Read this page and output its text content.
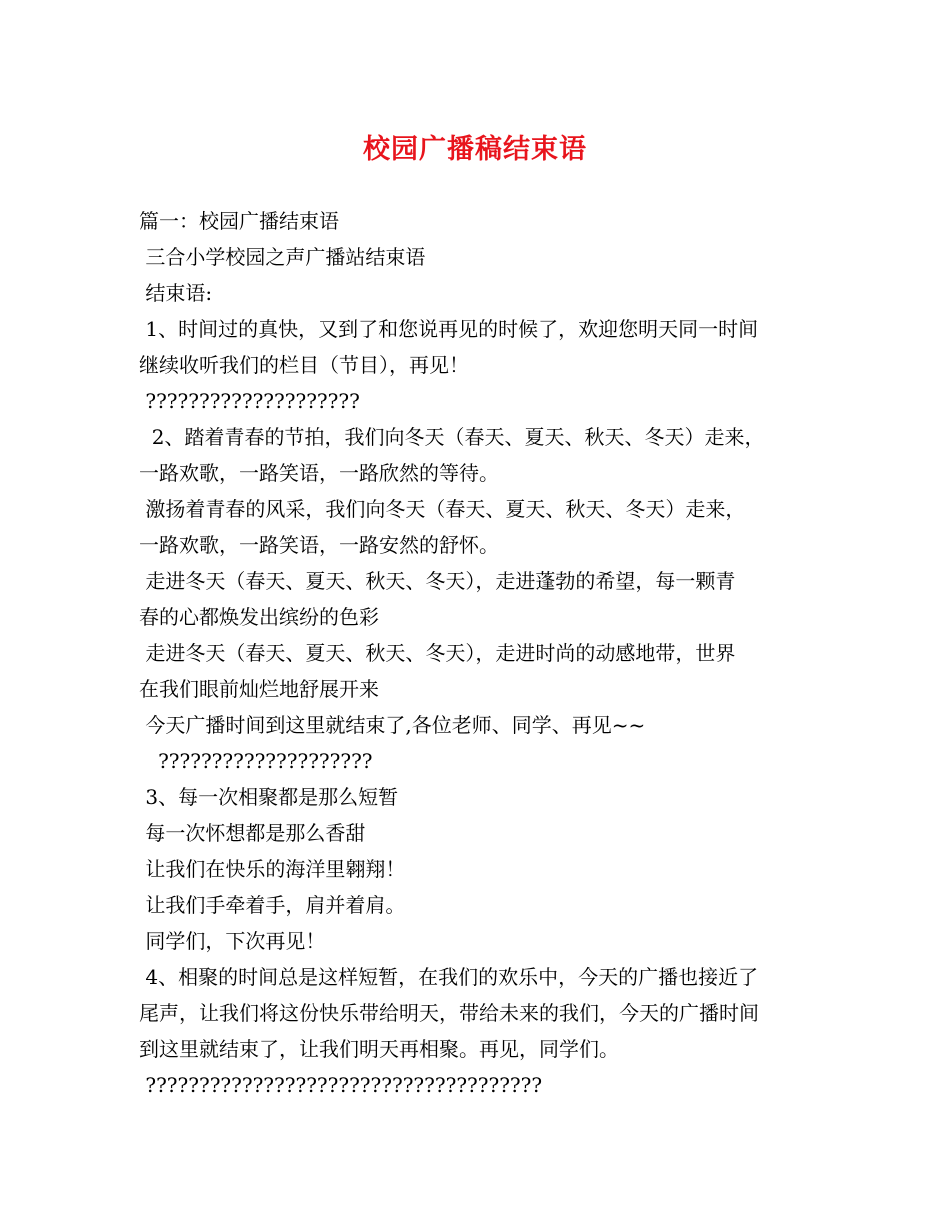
校园广播稿结束语

篇一：校园广播结束语

三合小学校园之声广播站结束语

结束语:

1、时间过的真快，又到了和您说再见的时候了，欢迎您明天同一时间

继续收听我们的栏目（节目），再见！

????????????????????

2、踏着青春的节拍，我们向冬天（春天、夏天、秋天、冬天）走来，

一路欢歌，一路笑语，一路欣然的等待。

激扬着青春的风采，我们向冬天（春天、夏天、秋天、冬天）走来，

一路欢歌，一路笑语，一路安然的舒怀。

走进冬天（春天、夏天、秋天、冬天），走进蓬勃的希望，每一颗青

春的心都焕发出缤纷的色彩

走进冬天（春天、夏天、秋天、冬天），走进时尚的动感地带，世界

在我们眼前灿烂地舒展开来

今天广播时间到这里就结束了,各位老师、同学、再见~~

????????????????????

3、每一次相聚都是那么短暂

每一次怀想都是那么香甜

让我们在快乐的海洋里翱翔！

让我们手牵着手，肩并着肩。

同学们，下次再见！

4、相聚的时间总是这样短暂，在我们的欢乐中，今天的广播也接近了

尾声，让我们将这份快乐带给明天，带给未来的我们，今天的广播时间

到这里就结束了，让我们明天再相聚。再见，同学们。

?????????????????????????????????????
